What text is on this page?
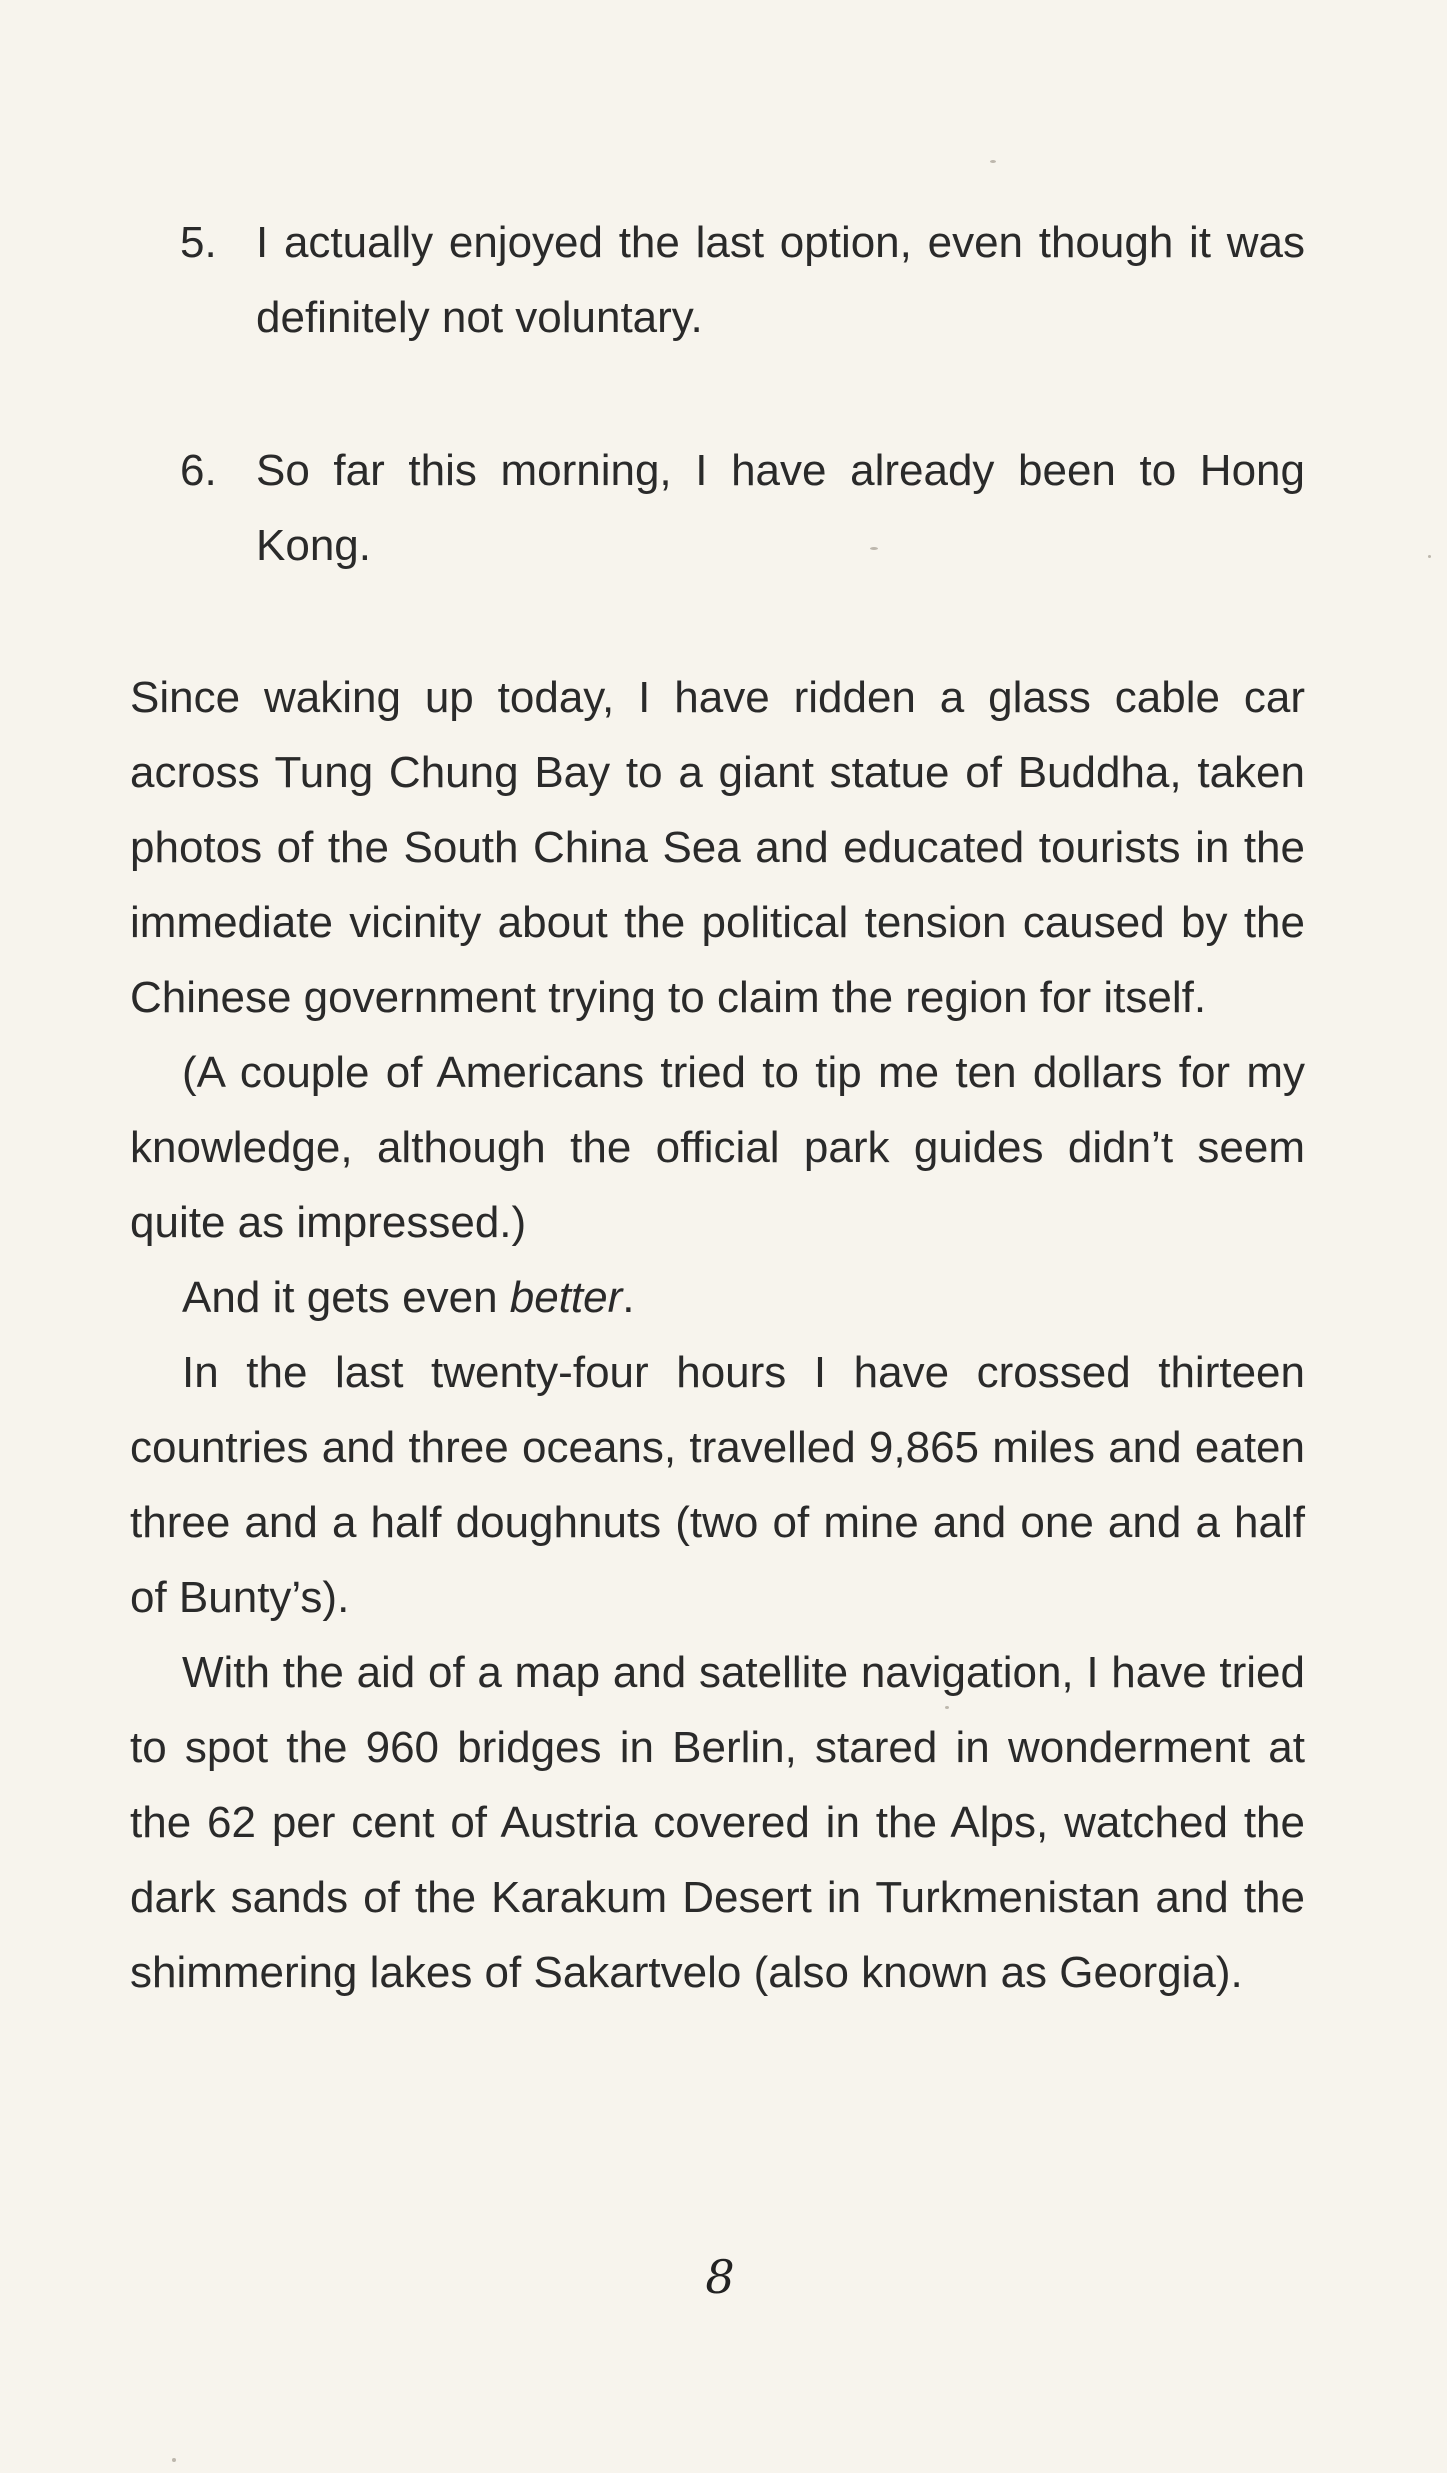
5. I actually enjoyed the last option, even though it was definitely not voluntary.
6. So far this morning, I have already been to Hong Kong.

Since waking up today, I have ridden a glass cable car across Tung Chung Bay to a giant statue of Buddha, taken photos of the South China Sea and educated tourists in the immediate vicinity about the political tension caused by the Chinese government trying to claim the region for itself.

(A couple of Americans tried to tip me ten dollars for my knowledge, although the official park guides didn’t seem quite as impressed.)

And it gets even better.

In the last twenty-four hours I have crossed thirteen countries and three oceans, travelled 9,865 miles and eaten three and a half doughnuts (two of mine and one and a half of Bunty’s).

With the aid of a map and satellite navigation, I have tried to spot the 960 bridges in Berlin, stared in wonderment at the 62 per cent of Austria covered in the Alps, watched the dark sands of the Karakum Desert in Turkmenistan and the shimmering lakes of Sakartvelo (also known as Georgia).

8
